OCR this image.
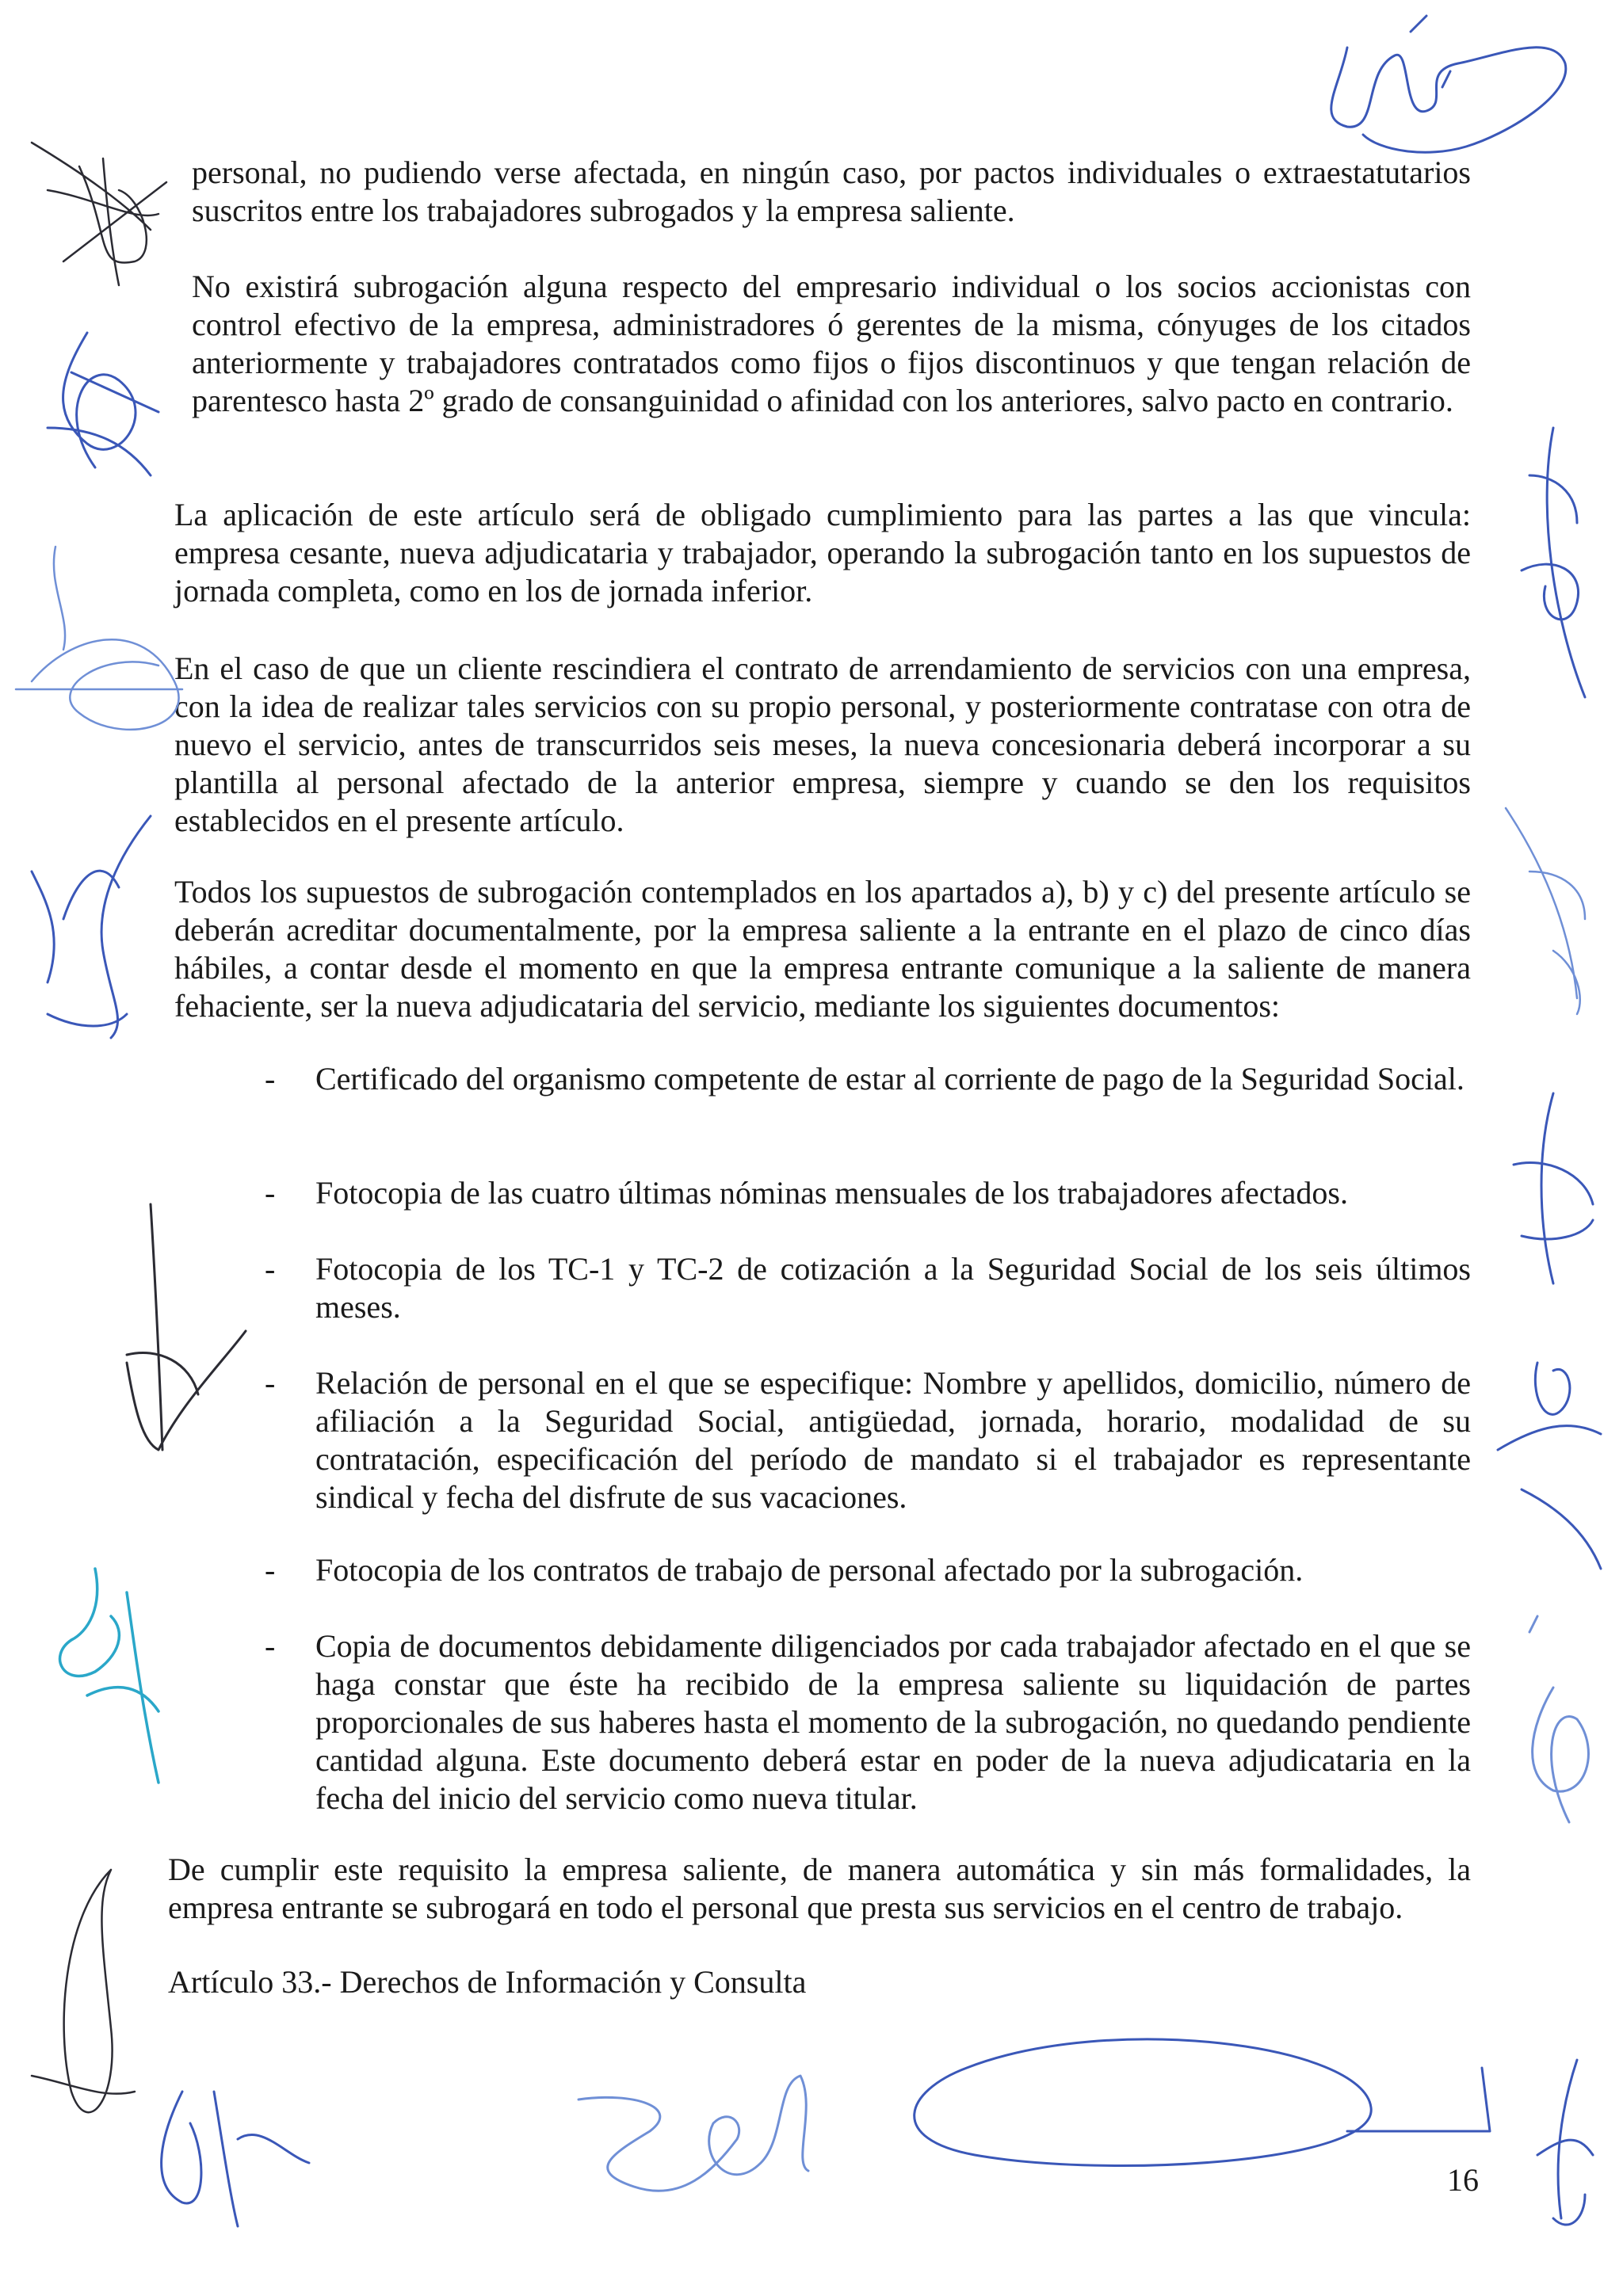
personal, no pudiendo verse afectada, en ningún caso, por pactos individuales o extraestatutarios suscritos entre los trabajadores subrogados y la empresa saliente.

No existirá subrogación alguna respecto del empresario individual o los socios accionistas con control efectivo de la empresa, administradores ó gerentes de la misma, cónyuges de los citados anteriormente y trabajadores contratados como fijos o fijos discontinuos y que tengan relación de parentesco hasta 2º grado de consanguinidad o afinidad con los anteriores, salvo pacto en contrario.

La aplicación de este artículo será de obligado cumplimiento para las partes a las que vincula: empresa cesante, nueva adjudicataria y trabajador, operando la subrogación tanto en los supuestos de jornada completa, como en los de jornada inferior.

En el caso de que un cliente rescindiera el contrato de arrendamiento de servicios con una empresa, con la idea de realizar tales servicios con su propio personal, y posteriormente contratase con otra de nuevo el servicio, antes de transcurridos seis meses, la nueva concesionaria deberá incorporar a su plantilla al personal afectado de la anterior empresa, siempre y cuando se den los requisitos establecidos en el presente artículo.

Todos los supuestos de subrogación contemplados en los apartados a), b) y c) del presente artículo se deberán acreditar documentalmente, por la empresa saliente a la entrante en el plazo de cinco días hábiles, a contar desde el momento en que la empresa entrante comunique a la saliente de manera fehaciente, ser la nueva adjudicataria del servicio, mediante los siguientes documentos:

- Certificado del organismo competente de estar al corriente de pago de la Seguridad Social.

- Fotocopia de las cuatro últimas nóminas mensuales de los trabajadores afectados.

- Fotocopia de los TC-1 y TC-2 de cotización a la Seguridad Social de los seis últimos meses.

- Relación de personal en el que se especifique: Nombre y apellidos, domicilio, número de afiliación a la Seguridad Social, antigüedad, jornada, horario, modalidad de su contratación, especificación del período de mandato si el trabajador es representante sindical y fecha del disfrute de sus vacaciones.

- Fotocopia de los contratos de trabajo de personal afectado por la subrogación.

- Copia de documentos debidamente diligenciados por cada trabajador afectado en el que se haga constar que éste ha recibido de la empresa saliente su liquidación de partes proporcionales de sus haberes hasta el momento de la subrogación, no quedando pendiente cantidad alguna. Este documento deberá estar en poder de la nueva adjudicataria en la fecha del inicio del servicio como nueva titular.

De cumplir este requisito la empresa saliente, de manera automática y sin más formalidades, la empresa entrante se subrogará en todo el personal que presta sus servicios en el centro de trabajo.

Artículo 33.- Derechos de Información y Consulta
16
